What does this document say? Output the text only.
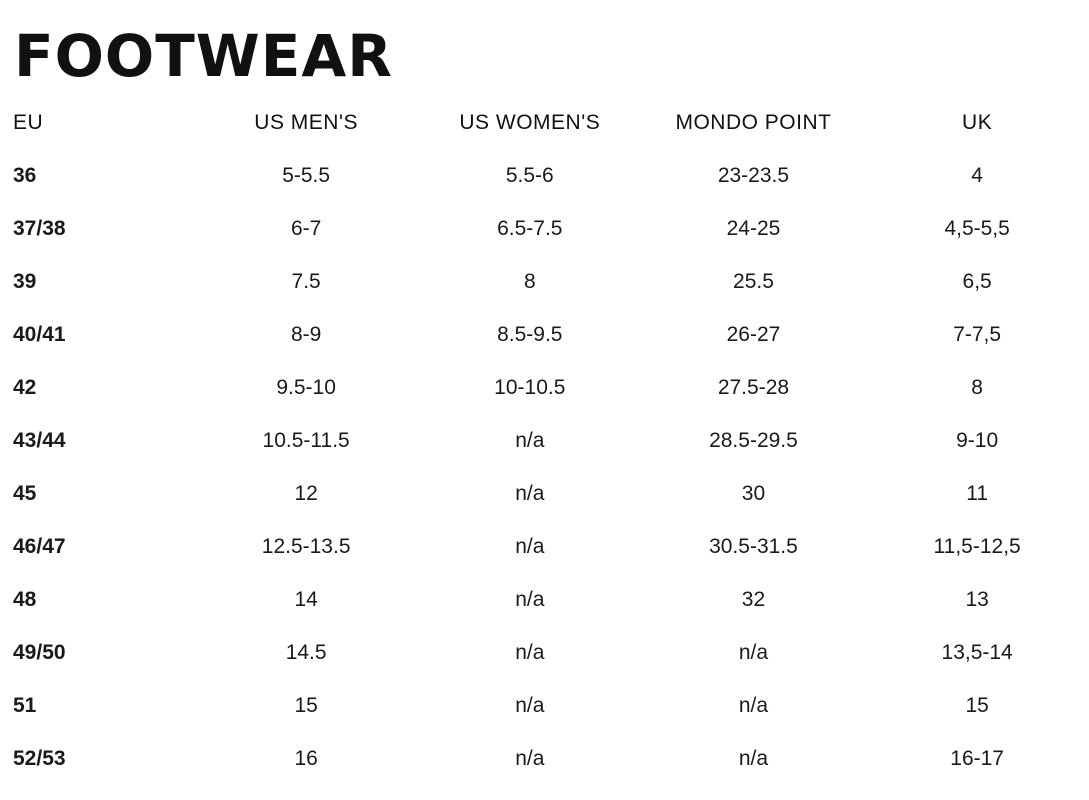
FOOTWEAR
EU	US MEN'S	US WOMEN'S	MONDO POINT	UK
36	5-5.5	5.5-6	23-23.5	4
37/38	6-7	6.5-7.5	24-25	4,5-5,5
39	7.5	8	25.5	6,5
40/41	8-9	8.5-9.5	26-27	7-7,5
42	9.5-10	10-10.5	27.5-28	8
43/44	10.5-11.5	n/a	28.5-29.5	9-10
45	12	n/a	30	11
46/47	12.5-13.5	n/a	30.5-31.5	11,5-12,5
48	14	n/a	32	13
49/50	14.5	n/a	n/a	13,5-14
51	15	n/a	n/a	15
52/53	16	n/a	n/a	16-17
